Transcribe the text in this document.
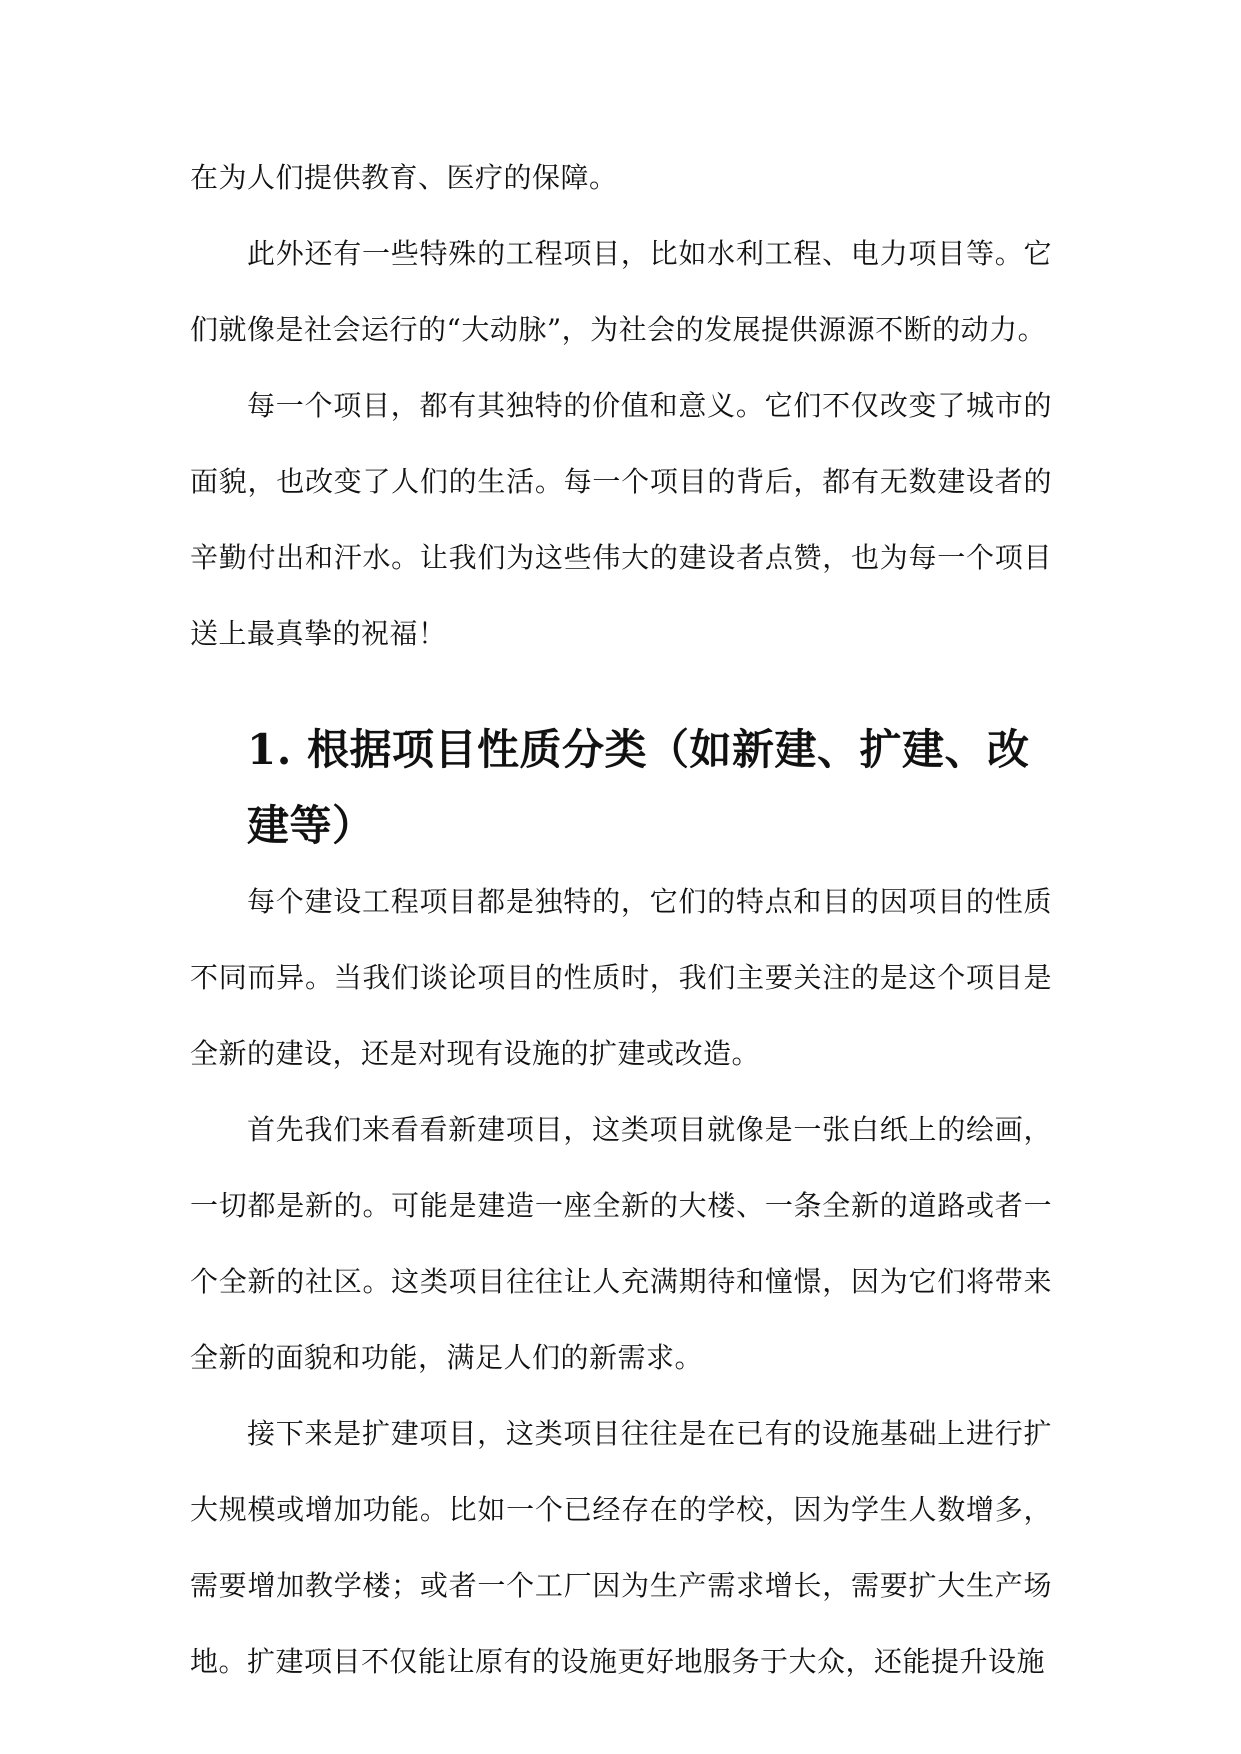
在为人们提供教育、医疗的保障。

此外还有一些特殊的工程项目，比如水利工程、电力项目等。它们就像是社会运行的“大动脉”，为社会的发展提供源源不断的动力。

每一个项目，都有其独特的价值和意义。它们不仅改变了城市的面貌，也改变了人们的生活。每一个项目的背后，都有无数建设者的辛勤付出和汗水。让我们为这些伟大的建设者点赞，也为每一个项目送上最真挚的祝福！

1. 根据项目性质分类（如新建、扩建、改建等）

每个建设工程项目都是独特的，它们的特点和目的因项目的性质不同而异。当我们谈论项目的性质时，我们主要关注的是这个项目是全新的建设，还是对现有设施的扩建或改造。

首先我们来看看新建项目，这类项目就像是一张白纸上的绘画，一切都是新的。可能是建造一座全新的大楼、一条全新的道路或者一个全新的社区。这类项目往往让人充满期待和憧憬，因为它们将带来全新的面貌和功能，满足人们的新需求。

接下来是扩建项目，这类项目往往是在已有的设施基础上进行扩大规模或增加功能。比如一个已经存在的学校，因为学生人数增多，需要增加教学楼；或者一个工厂因为生产需求增长，需要扩大生产场地。扩建项目不仅能让原有的设施更好地服务于大众，还能提升设施
